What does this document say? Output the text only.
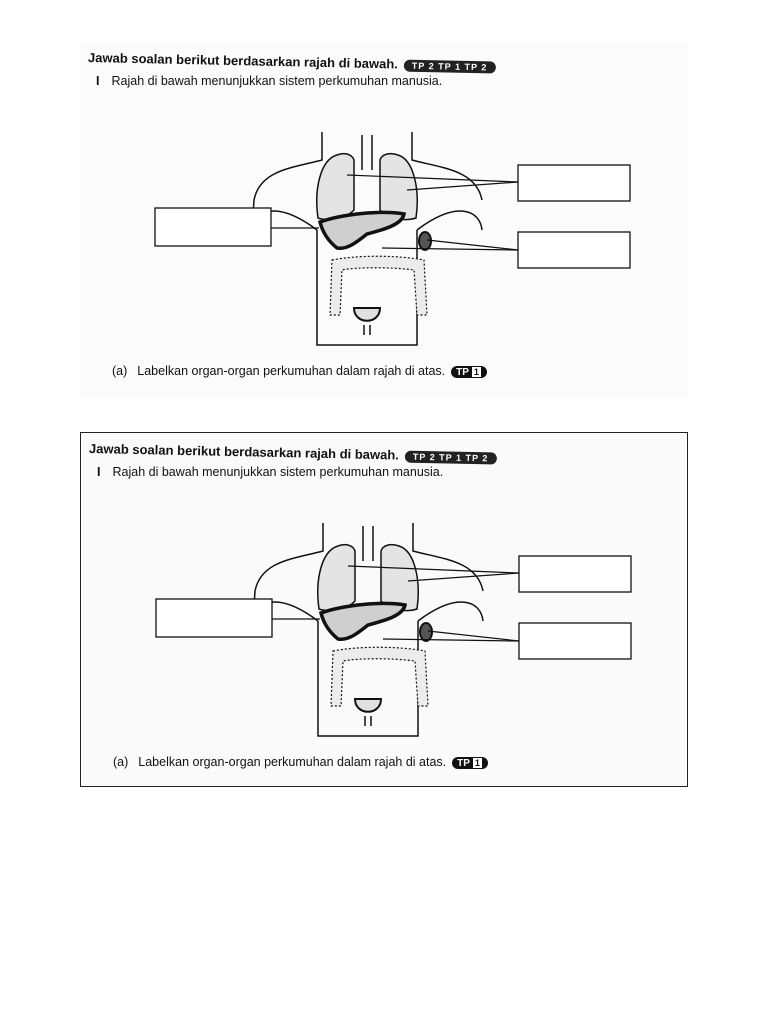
Jawab soalan berikut berdasarkan rajah di bawah. TP 2 TP 1 TP 2
I Rajah di bawah menunjukkan sistem perkumuhan manusia.
(a) Labelkan organ-organ perkumuhan dalam rajah di atas. TP 1
Jawab soalan berikut berdasarkan rajah di bawah. TP 2 TP 1 TP 2
I Rajah di bawah menunjukkan sistem perkumuhan manusia.
(a) Labelkan organ-organ perkumuhan dalam rajah di atas. TP 1
